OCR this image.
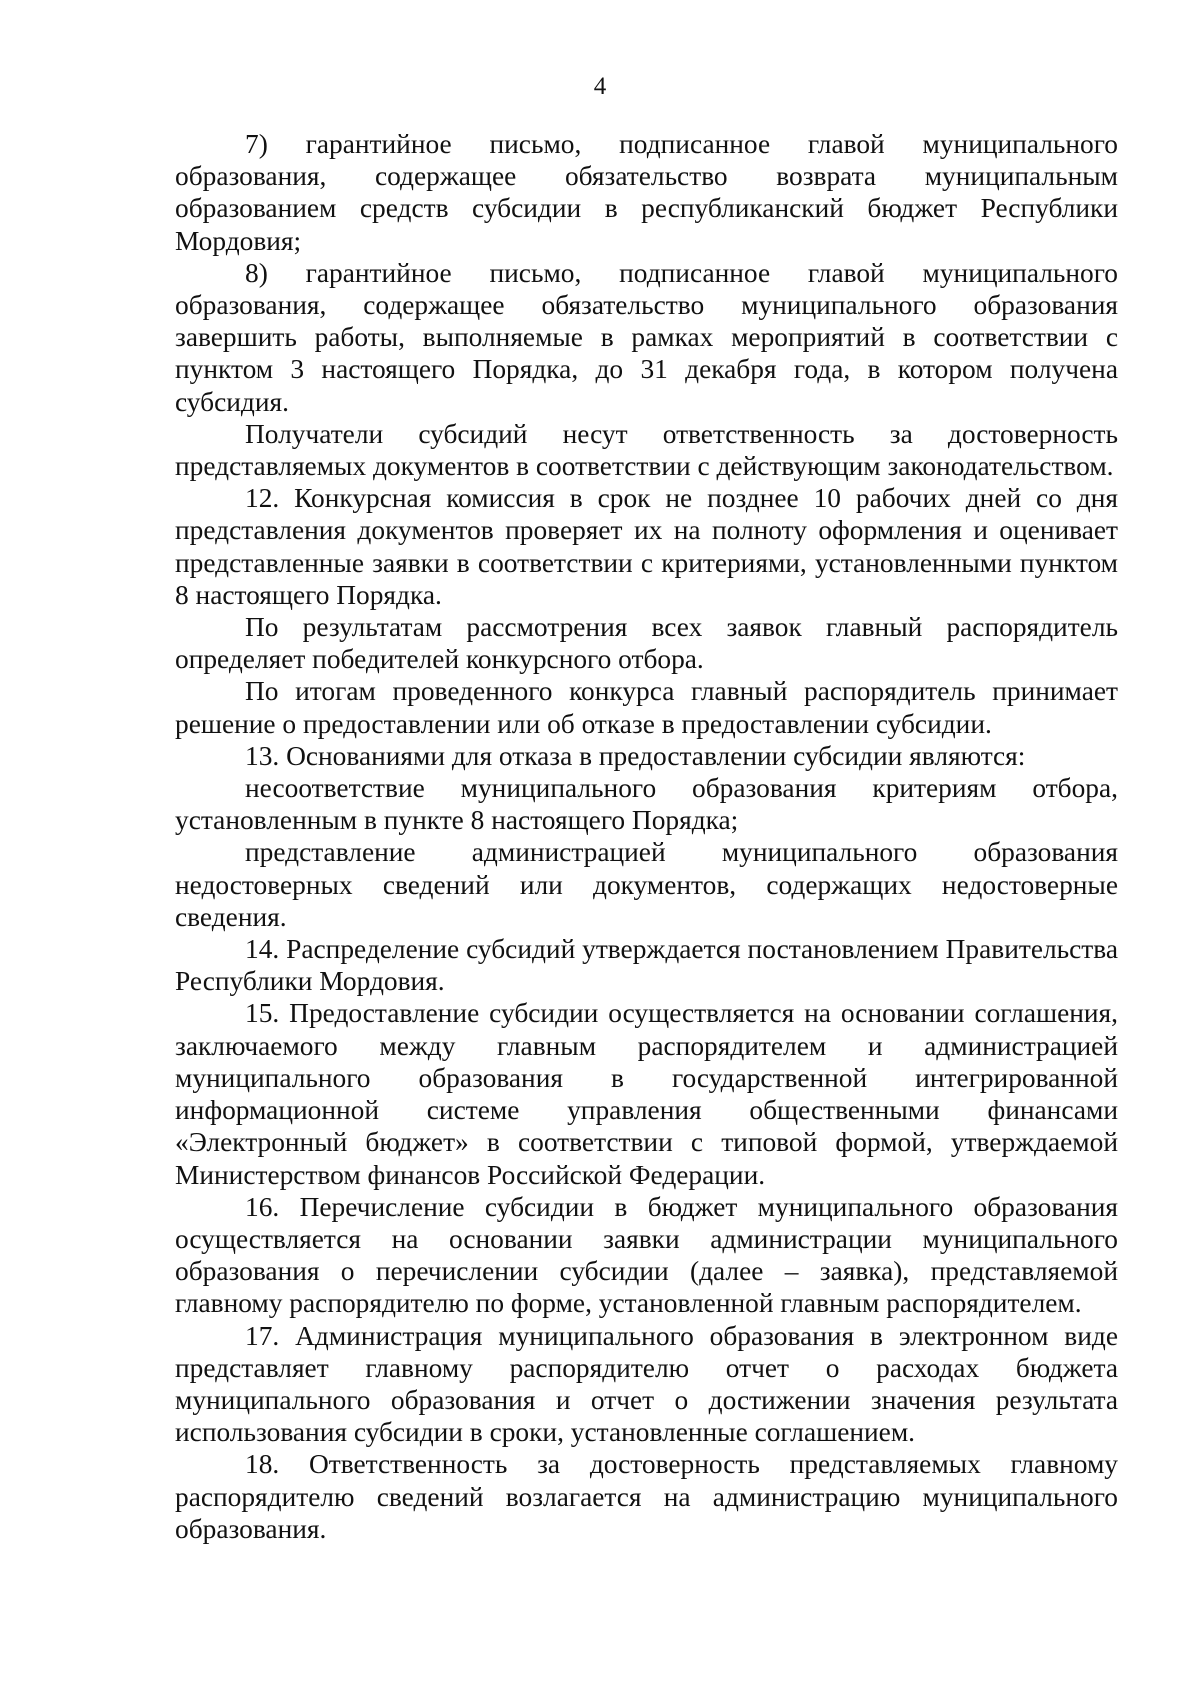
4

7) гарантийное письмо, подписанное главой муниципального образования, содержащее обязательство возврата муниципальным образованием средств субсидии в республиканский бюджет Республики Мордовия;

8) гарантийное письмо, подписанное главой муниципального образования, содержащее обязательство муниципального образования завершить работы, выполняемые в рамках мероприятий в соответствии с пунктом 3 настоящего Порядка, до 31 декабря года, в котором получена субсидия.

Получатели субсидий несут ответственность за достоверность представляемых документов в соответствии с действующим законодательством.

12. Конкурсная комиссия в срок не позднее 10 рабочих дней со дня представления документов проверяет их на полноту оформления и оценивает представленные заявки в соответствии с критериями, установленными пунктом 8 настоящего Порядка.

По результатам рассмотрения всех заявок главный распорядитель определяет победителей конкурсного отбора.

По итогам проведенного конкурса главный распорядитель принимает решение о предоставлении или об отказе в предоставлении субсидии.

13. Основаниями для отказа в предоставлении субсидии являются:

несоответствие муниципального образования критериям отбора, установленным в пункте 8 настоящего Порядка;

представление администрацией муниципального образования недостоверных сведений или документов, содержащих недостоверные сведения.

14. Распределение субсидий утверждается постановлением Правительства Республики Мордовия.

15. Предоставление субсидии осуществляется на основании соглашения, заключаемого между главным распорядителем и администрацией муниципального образования в государственной интегрированной информационной системе управления общественными финансами «Электронный бюджет» в соответствии с типовой формой, утверждаемой Министерством финансов Российской Федерации.

16. Перечисление субсидии в бюджет муниципального образования осуществляется на основании заявки администрации муниципального образования о перечислении субсидии (далее – заявка), представляемой главному распорядителю по форме, установленной главным распорядителем.

17. Администрация муниципального образования в электронном виде представляет главному распорядителю отчет о расходах бюджета муниципального образования и отчет о достижении значения результата использования субсидии в сроки, установленные соглашением.

18. Ответственность за достоверность представляемых главному распорядителю сведений возлагается на администрацию муниципального образования.
